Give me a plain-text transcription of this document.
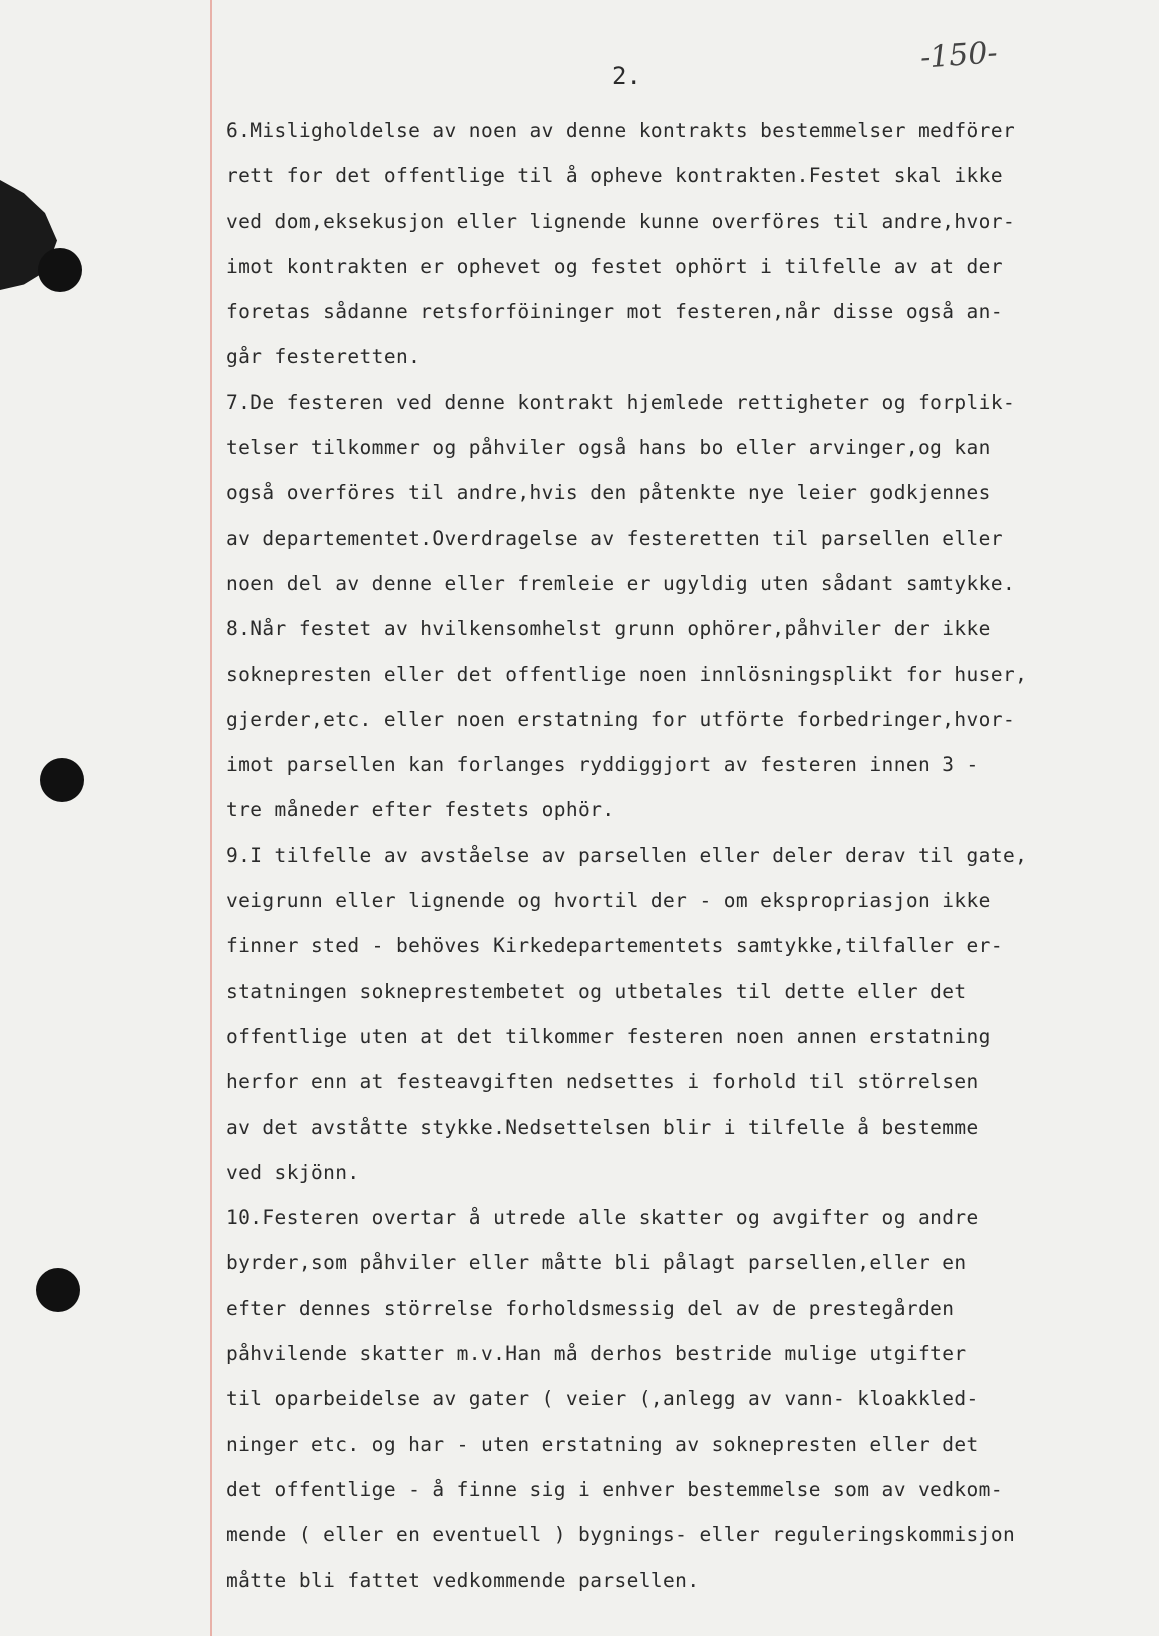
-150-
2.
6.Misligholdelse av noen av denne kontrakts bestemmelser medförer
rett for det offentlige til å opheve kontrakten.Festet skal ikke
ved dom,eksekusjon eller lignende kunne overföres til andre,hvor-
imot kontrakten er ophevet og festet ophört i tilfelle av at der
foretas sådanne retsforföininger mot festeren,når disse også an-
går festeretten.
7.De festeren ved denne kontrakt hjemlede rettigheter og forplik-
telser tilkommer og påhviler også hans bo eller arvinger,og kan
også overföres til andre,hvis den påtenkte nye leier godkjennes
av departementet.Overdragelse av festeretten til parsellen eller
noen del av denne eller fremleie er ugyldig uten sådant samtykke.
8.Når festet av hvilkensomhelst grunn ophörer,påhviler der ikke
soknepresten eller det offentlige noen innlösningsplikt for huser,
gjerder,etc. eller noen erstatning for utförte forbedringer,hvor-
imot parsellen kan forlanges ryddiggjort av festeren innen 3 -
tre måneder efter festets ophör.
9.I tilfelle av avståelse av parsellen eller deler derav til gate,
veigrunn eller lignende og hvortil der - om ekspropriasjon ikke
finner sted - behöves Kirkedepartementets samtykke,tilfaller er-
statningen sokneprestembetet og utbetales til dette eller det
offentlige uten at det tilkommer festeren noen annen erstatning
herfor enn at festeavgiften nedsettes i forhold til störrelsen
av det avståtte stykke.Nedsettelsen blir i tilfelle å bestemme
ved skjönn.
10.Festeren overtar å utrede alle skatter og avgifter og andre
byrder,som påhviler eller måtte bli pålagt parsellen,eller en
efter dennes störrelse forholdsmessig del av de prestegården
påhvilende skatter m.v.Han må derhos bestride mulige utgifter
til oparbeidelse av gater ( veier (,anlegg av vann- kloakkled-
ninger etc. og har - uten erstatning av soknepresten eller det
det offentlige - å finne sig i enhver bestemmelse som av vedkom-
mende ( eller en eventuell ) bygnings- eller reguleringskommisjon
måtte bli fattet vedkommende parsellen.
